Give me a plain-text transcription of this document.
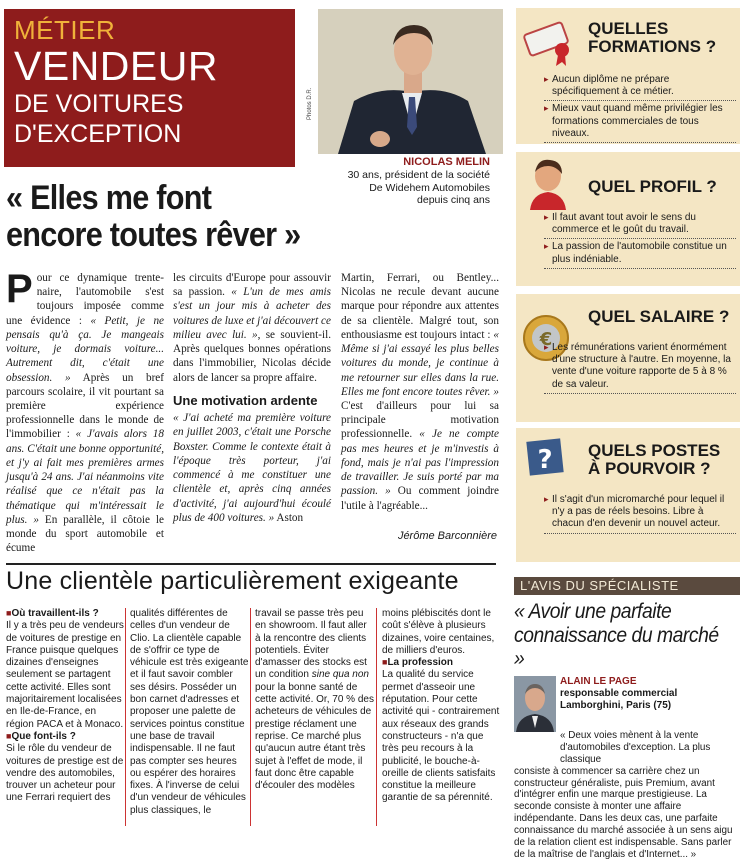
MÉTIER
VENDEUR
DE VOITURES
D'EXCEPTION
Photos D.R.
NICOLAS MELIN
30 ans, président de la société
De Widehem Automobiles
depuis cinq ans
« Elles me font
encore toutes rêver »
Pour ce dynamique trente-naire, l'automobile s'est toujours imposée comme une évidence : « Petit, je ne pensais qu'à ça. Je mangeais voiture, je dormais voiture... Autrement dit, c'était une obsession. » Après un bref parcours scolaire, il vit pourtant sa première expérience professionnelle dans le monde de l'immobilier : « J'avais alors 18 ans. C'était une bonne opportunité, et j'y ai fait mes premières armes jusqu'à 24 ans. J'ai néanmoins vite réalisé que ce n'était pas la thématique qui m'intéressait le plus. » En parallèle, il côtoie le monde du sport automobile et écume
les circuits d'Europe pour assouvir sa passion. « L'un de mes amis s'est un jour mis à acheter des voitures de luxe et j'ai découvert ce milieu avec lui. », se souvient-il. Après quelques bonnes opérations dans l'immobilier, Nicolas décide alors de lancer sa propre affaire.
Une motivation ardente
« J'ai acheté ma première voiture en juillet 2003, c'était une Porsche Boxster. Comme le contexte était à l'époque très porteur, j'ai commencé à me constituer une clientèle et, après cinq années d'activité, j'ai aujourd'hui écoulé plus de 400 voitures. » Aston
Martin, Ferrari, ou Bentley... Nicolas ne recule devant aucune marque pour répondre aux attentes de sa clientèle. Malgré tout, son enthousiasme est toujours intact : « Même si j'ai essayé les plus belles voitures du monde, je continue à me retourner sur elles dans la rue. Elles me font encore toutes rêver. » C'est d'ailleurs pour lui sa principale motivation professionnelle. « Je ne compte pas mes heures et je m'investis à fond, mais je n'ai pas l'impression de travailler. Je suis porté par ma passion. » Ou comment joindre l'utile à l'agréable...
Jérôme Barconnière
QUELLES
FORMATIONS ?
▸ Aucun diplôme ne prépare spécifiquement à ce métier.
▸ Mieux vaut quand même privilégier les formations commerciales de tous niveaux.
QUEL PROFIL ?
▸ Il faut avant tout avoir le sens du commerce et le goût du travail.
▸ La passion de l'automobile constitue un plus indéniable.
€
QUEL SALAIRE ?
▸ Les rémunérations varient énormément d'une structure à l'autre. En moyenne, la vente d'une voiture rapporte de 5 à 8 % de sa valeur.
? QUELS POSTES
À POURVOIR ?
▸ Il s'agit d'un micromarché pour lequel il n'y a pas de réels besoins. Libre à chacun d'en devenir un nouvel acteur.
Une clientèle particulièrement exigeante
■ Où travaillent-ils ?
Il y a très peu de vendeurs de voitures de prestige en France puisque quelques dizaines d'enseignes seulement se partagent cette activité. Elles sont majoritairement localisées en Ile-de-France, en région PACA et à Monaco.
■ Que font-ils ?
Si le rôle du vendeur de voitures de prestige est de vendre des automobiles, trouver un acheteur pour une Ferrari requiert des
qualités différentes de celles d'un vendeur de Clio. La clientèle capable de s'offrir ce type de véhicule est très exigeante et il faut savoir combler ses désirs. Posséder un bon carnet d'adresses et proposer une palette de services pointus constitue une base de travail indispensable. Il ne faut pas compter ses heures ou espérer des horaires fixes. À l'inverse de celui d'un vendeur de véhicules plus classiques, le
travail se passe très peu en showroom. Il faut aller à la rencontre des clients potentiels. Éviter d'amasser des stocks est un condition sine qua non pour la bonne santé de cette activité. Or, 70 % des acheteurs de véhicules de prestige réclament une reprise. Ce marché plus qu'aucun autre étant très sujet à l'effet de mode, il faut donc être capable d'écouler des modèles
moins plébiscités dont le coût s'élève à plusieurs dizaines, voire centaines, de milliers d'euros.
■ La profession
La qualité du service permet d'asseoir une réputation. Pour cette activité qui - contrairement aux réseaux des grands constructeurs - n'a que très peu recours à la publicité, le bouche-à-oreille de clients satisfaits constitue la meilleure garantie de sa pérennité.
L'AVIS DU SPÉCIALISTE
« Avoir une parfaite connaissance du marché »
ALAIN LE PAGE
responsable commercial Lamborghini, Paris (75)
« Deux voies mènent à la vente d'automobiles d'exception. La plus classique
consiste à commencer sa carrière chez un constructeur généraliste, puis Premium, avant d'intégrer enfin une marque prestigieuse. La seconde consiste à monter une affaire indépendante. Dans les deux cas, une parfaite connaissance du marché associée à un sens aigu de la relation client est indispensable. Sans parler de la maîtrise de l'anglais et d'Internet... »
